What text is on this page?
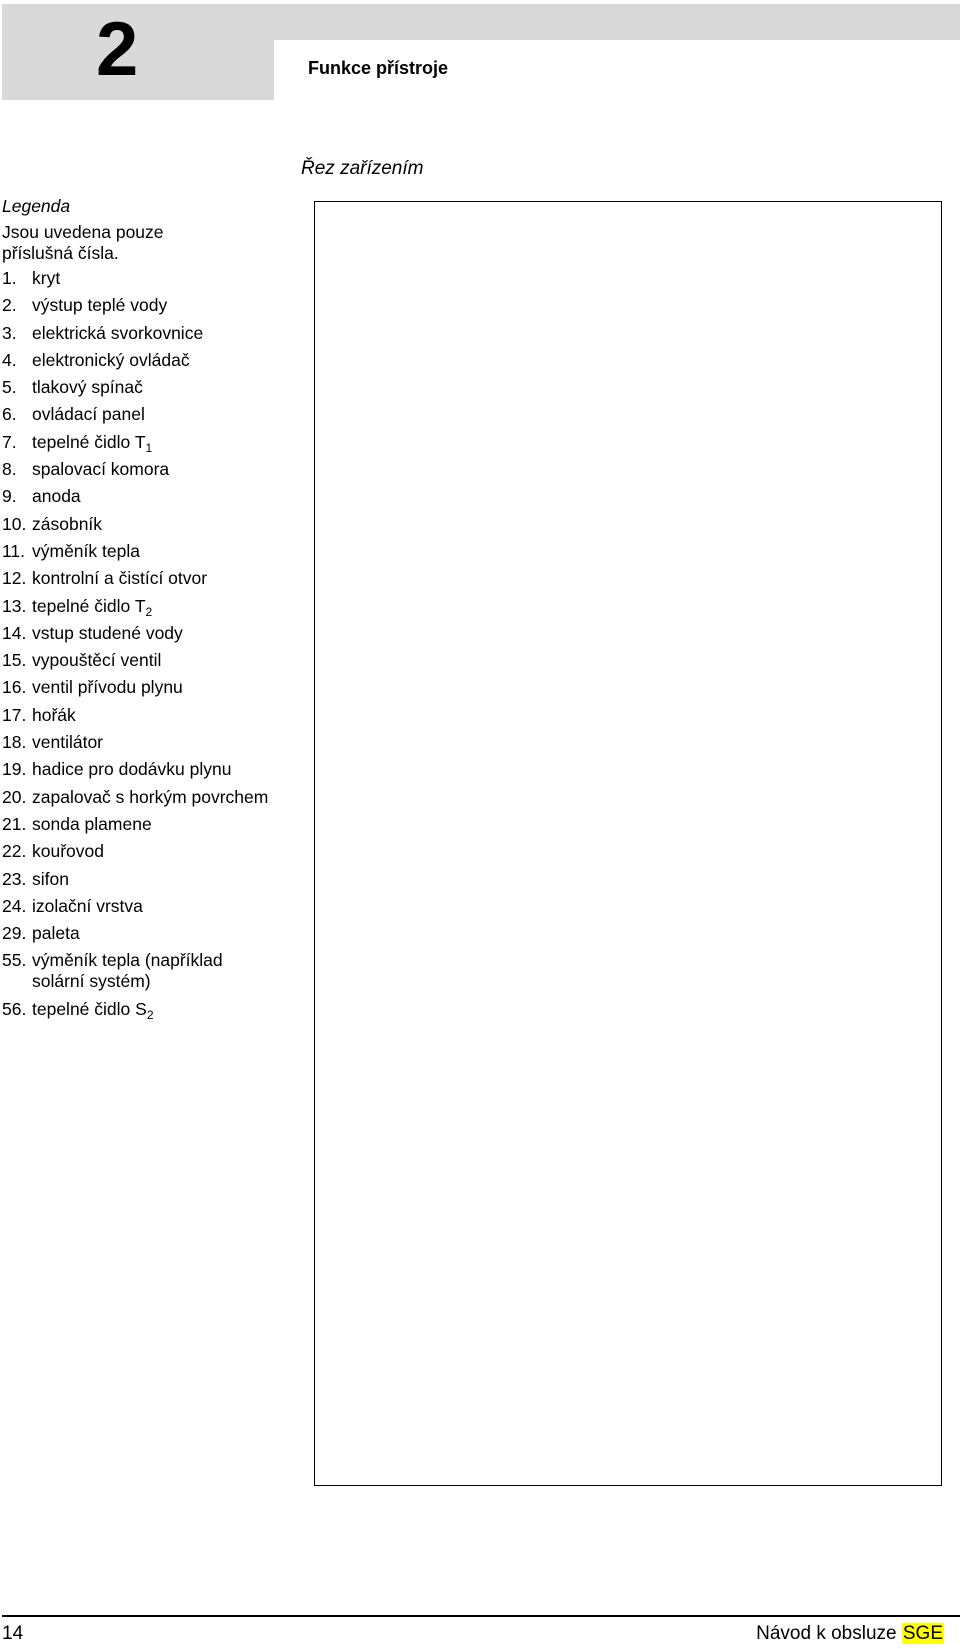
2	Funkce přístroje
Řez zařízením
Legenda
Jsou uvedena pouze
příslušná čísla.
1. kryt
2. výstup teplé vody
3. elektrická svorkovnice
4. elektronický ovládač
5. tlakový spínač
6. ovládací panel
7. tepelné čidlo $T_1$
8. spalovací komora
9. anoda
10. zásobník
11. výměník tepla
12. kontrolní a čistící otvor
13. tepelné čidlo $T_2$
14. vstup studené vody
15. vypouštěcí ventil
16. ventil přívodu plynu
17. hořák
18. ventilátor
19. hadice pro dodávku plynu
20. zapalovač s horkým povrchem
21. sonda plamene
22. kouřovod
23. sifon
24. izolační vrstva
29. paleta
55. výměník tepla (například
solární systém)
56. tepelné čidlo $S_2$
14	Návod k obsluze SGE
